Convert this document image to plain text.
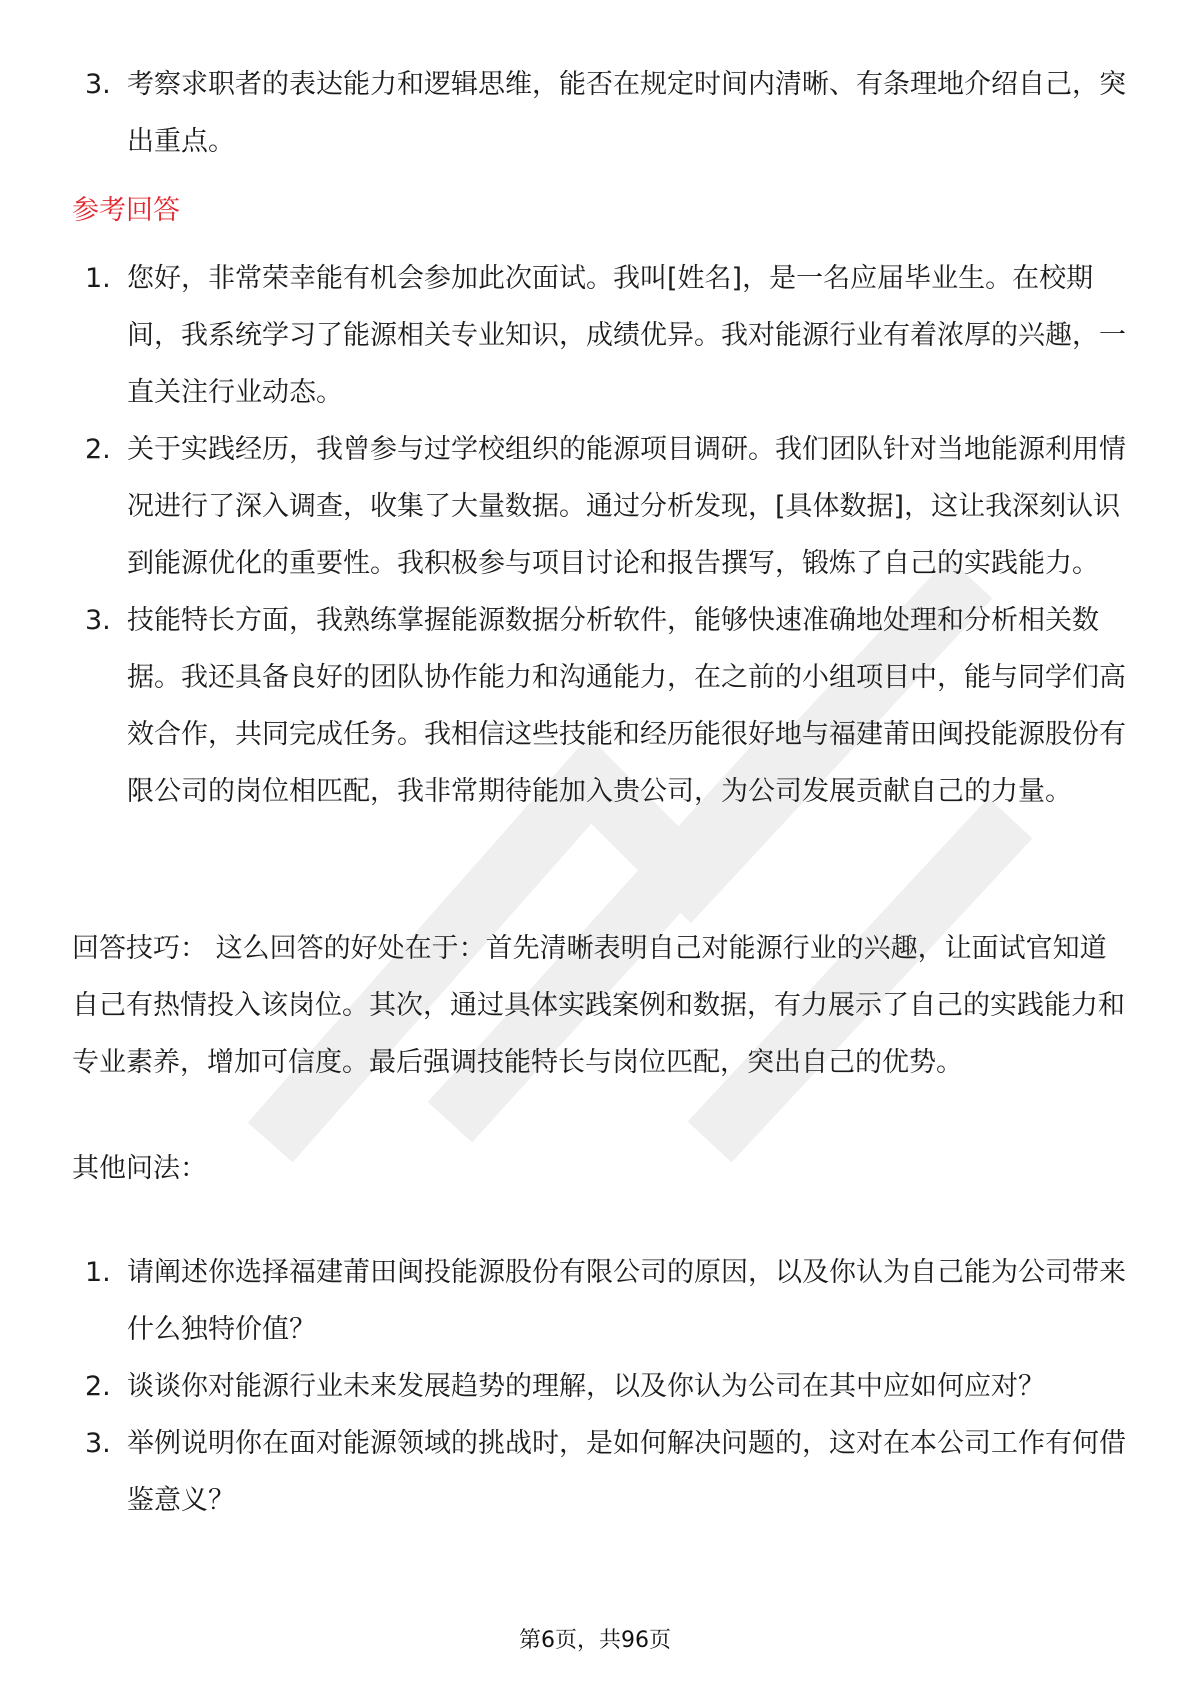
3. 考察求职者的表达能力和逻辑思维，能否在规定时间内清晰、有条理地介绍自己，突出重点。
参考回答
1. 您好，非常荣幸能有机会参加此次面试。我叫[姓名]，是一名应届毕业生。在校期间，我系统学习了能源相关专业知识，成绩优异。我对能源行业有着浓厚的兴趣，一直关注行业动态。
2. 关于实践经历，我曾参与过学校组织的能源项目调研。我们团队针对当地能源利用情况进行了深入调查，收集了大量数据。通过分析发现，[具体数据]，这让我深刻认识到能源优化的重要性。我积极参与项目讨论和报告撰写，锻炼了自己的实践能力。
3. 技能特长方面，我熟练掌握能源数据分析软件，能够快速准确地处理和分析相关数据。我还具备良好的团队协作能力和沟通能力，在之前的小组项目中，能与同学们高效合作，共同完成任务。我相信这些技能和经历能很好地与福建莆田闽投能源股份有限公司的岗位相匹配，我非常期待能加入贵公司，为公司发展贡献自己的力量。
回答技巧： 这么回答的好处在于：首先清晰表明自己对能源行业的兴趣，让面试官知道自己有热情投入该岗位。其次，通过具体实践案例和数据，有力展示了自己的实践能力和专业素养，增加可信度。最后强调技能特长与岗位匹配，突出自己的优势。
其他问法：
1. 请阐述你选择福建莆田闽投能源股份有限公司的原因，以及你认为自己能为公司带来什么独特价值？
2. 谈谈你对能源行业未来发展趋势的理解，以及你认为公司在其中应如何应对？
3. 举例说明你在面对能源领域的挑战时，是如何解决问题的，这对在本公司工作有何借鉴意义？
第6页，共96页
